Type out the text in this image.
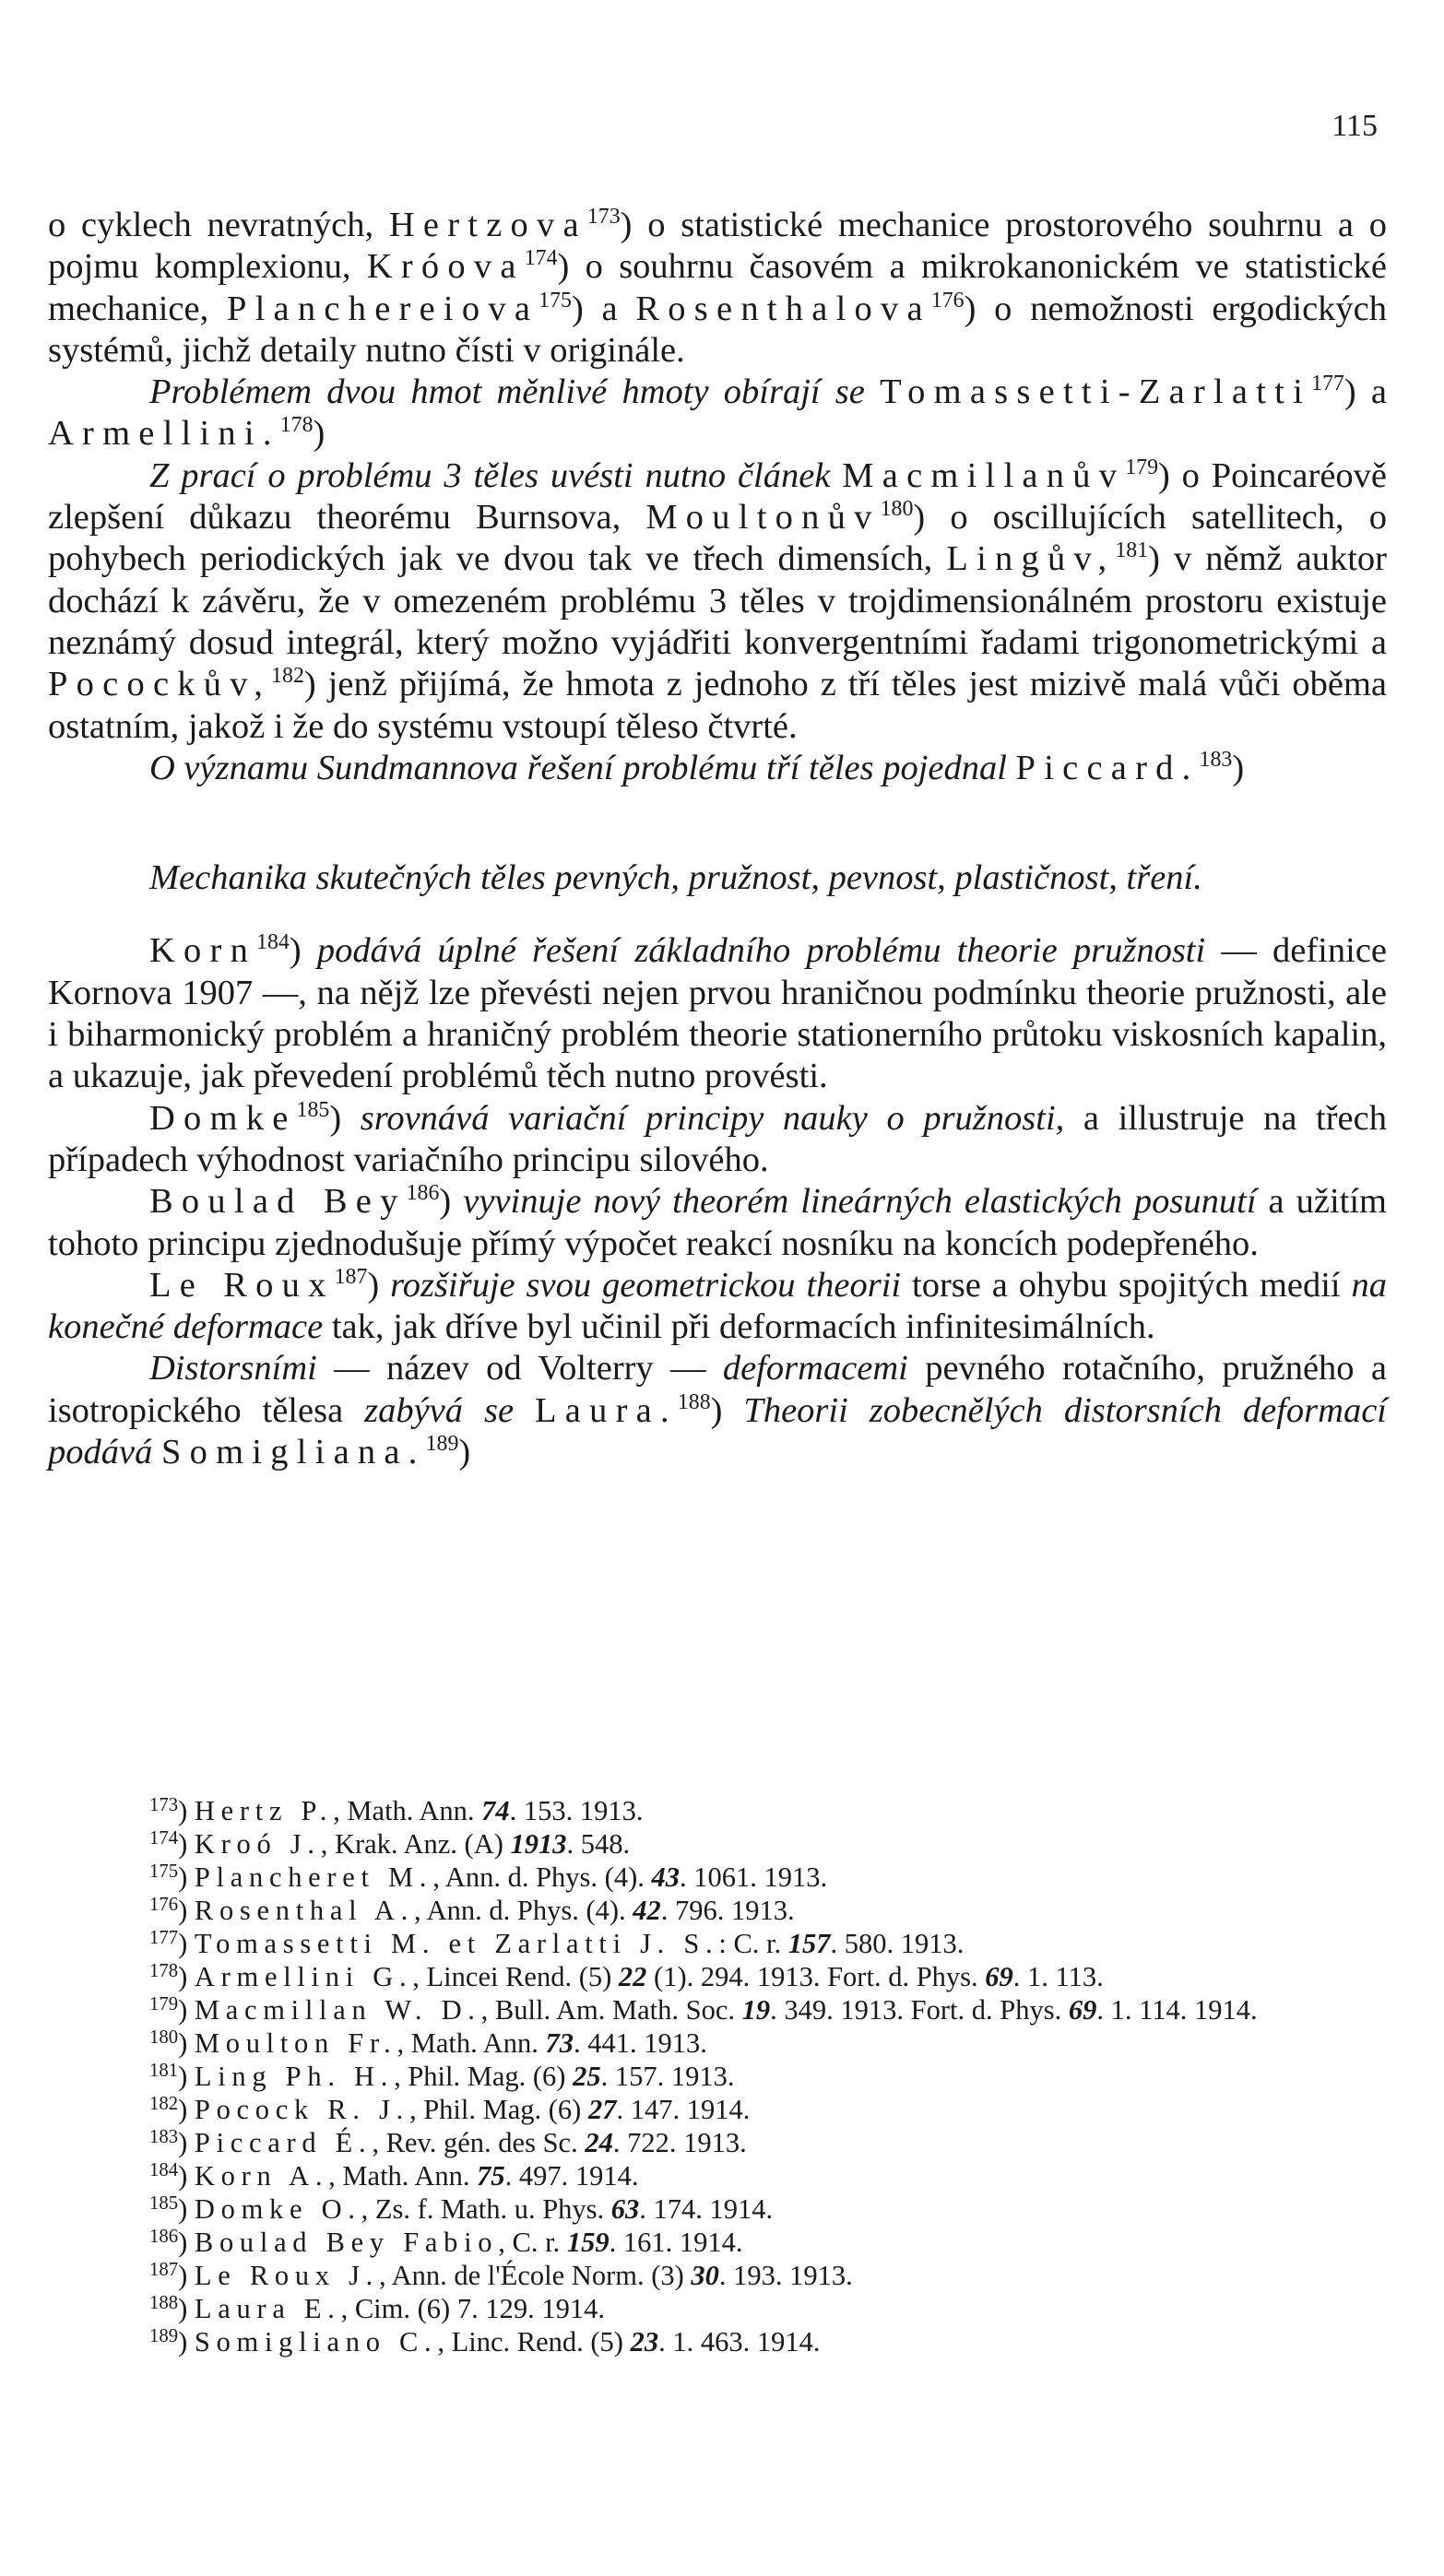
115

o cyklech nevratných, Hertzova$^{173}$) o statistické mechanice prostorového souhrnu a o pojmu komplexionu, Króova$^{174}$) o souhrnu časovém a mikrokanonickém ve statistické mechanice, Planchereiova$^{175}$) a Rosenthalova$^{176}$) o nemožnosti ergodických systémů, jichž detaily nutno čísti v originále.

Problémem dvou hmot měnlivé hmoty obírají se Tomassetti-Zarlatti$^{177}$) a Armellini.$^{178}$)

Z prací o problému 3 těles uvésti nutno článek Macmillanův$^{179}$) o Poincaréově zlepšení důkazu theorému Burnsova, Moultonův$^{180}$) o oscillujících satellitech, o pohybech periodických jak ve dvou tak ve třech dimensích, Lingův,$^{181}$) v němž auktor dochází k závěru, že v omezeném problému 3 těles v trojdimensionálném prostoru existuje neznámý dosud integrál, který možno vyjádřiti konvergentními řadami trigonometrickými a Pocockův,$^{182}$) jenž přijímá, že hmota z jednoho z tří těles jest mizivě malá vůči oběma ostatním, jakož i že do systému vstoupí těleso čtvrté.

O významu Sundmannova řešení problému tří těles pojednal Piccard.$^{183}$)

Mechanika skutečných těles pevných, pružnost, pevnost, plastičnost, tření.

Korn$^{184}$) podává úplné řešení základního problému theorie pružnosti — definice Kornova 1907 —, na nějž lze převésti nejen prvou hraničnou podmínku theorie pružnosti, ale i biharmonický problém a hraničný problém theorie stationerního průtoku viskosních kapalin, a ukazuje, jak převedení problémů těch nutno provésti.

Domke$^{185}$) srovnává variační principy nauky o pružnosti, a illustruje na třech případech výhodnost variačního principu silového.

Boulad Bey$^{186}$) vyvinuje nový theorém lineárných elastických posunutí a užitím tohoto principu zjednodušuje přímý výpočet reakcí nosníku na koncích podepřeného.

Le Roux$^{187}$) rozšiřuje svou geometrickou theorii torse a ohybu spojitých medií na konečné deformace tak, jak dříve byl učinil při deformacích infinitesimálních.

Distorsními — název od Volterry — deformacemi pevného rotačního, pružného a isotropického tělesa zabývá se Laura.$^{188}$) Theorii zobecnělých distorsních deformací podává Somigliana.$^{189}$)

$^{173}$) Hertz P., Math. Ann. 74. 153. 1913.
$^{174}$) Kroó J., Krak. Anz. (A) 1913. 548.
$^{175}$) Plancheret M., Ann. d. Phys. (4). 43. 1061. 1913.
$^{176}$) Rosenthal A., Ann. d. Phys. (4). 42. 796. 1913.
$^{177}$) Tomassetti M. et Zarlatti J. S.: C. r. 157. 580. 1913.
$^{178}$) Armellini G., Lincei Rend. (5) 22 (1). 294. 1913. Fort. d. Phys. 69. 1. 113.
$^{179}$) Macmillan W. D., Bull. Am. Math. Soc. 19. 349. 1913. Fort. d. Phys. 69. 1. 114. 1914.
$^{180}$) Moulton Fr., Math. Ann. 73. 441. 1913.
$^{181}$) Ling Ph. H., Phil. Mag. (6) 25. 157. 1913.
$^{182}$) Pocock R. J., Phil. Mag. (6) 27. 147. 1914.
$^{183}$) Piccard É., Rev. gén. des Sc. 24. 722. 1913.
$^{184}$) Korn A., Math. Ann. 75. 497. 1914.
$^{185}$) Domke O., Zs. f. Math. u. Phys. 63. 174. 1914.
$^{186}$) Boulad Bey Fabio, C. r. 159. 161. 1914.
$^{187}$) Le Roux J., Ann. de l'École Norm. (3) 30. 193. 1913.
$^{188}$) Laura E., Cim. (6) 7. 129. 1914.
$^{189}$) Somigliano C., Linc. Rend. (5) 23. 1. 463. 1914.
